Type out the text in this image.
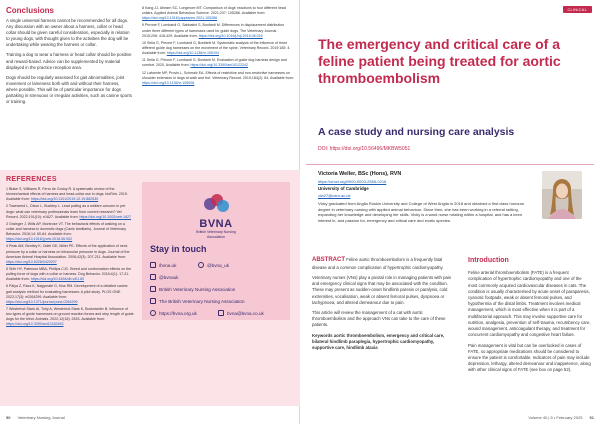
Conclusions

A single universal harness cannot be recommended for all dogs. Any discussion with an owner about a harness, collar or head collar should be given careful consideration, especially in relation to young dogs, with thought given to the activities the dog will be undertaking while wearing the harness or collar.

Training a dog to wear a harness or head collar should be positive and reward-based. Advice can be supplemented by material displayed in the practice reception area.

Dogs should be regularly assessed for gait abnormalities, joint movement or lameness both with and without their harness, where possible. This will be of particular importance for dogs partaking in strenuous or irregular activities, such as canine sports or training.

8 Kang JJ, Ahearn SC, Longmore MT. Comparison of dogs' reactions to four different head collars. Applied Animal Behaviour Science. 2021;237: 105286. Available from: https://doi.org/10.1016/j.applanim.2021.105286
9 Pirrone F, Lombardi G, Sabbatini S, Bonfanti M. Differences in displacement distribution under three different types of harnesses used for guide dogs. The Veterinary Journal. 2015;206: 418-429. Available from: https://doi.org/10.1016/j.tvjl.2015.08.016
10 Sella G, Pirrone F, Lombardi G, Bonfanti M. Systematic analysis of the influence of three different guide dog harnesses on the movement of the spine. Veterinary Record. 2019;185: 4. Available from: https://doi.org/10.1136/vr.105194
11 Sella G, Pirrone F, Lombardi G, Bonfanti M. Evaluation of guide dog harness design and comfort. 2020. Available from: https://doi.org/10.3390/ani10122242
12 Lafuente MP, Provis L, Schmalz EA. Effects of restrictive and non-restrictive harnesses on shoulder extension in dogs at walk and trot. Veterinary Record. 2019;184(2): 64. Available from: https://doi.org/10.1136/vr.105008
REFERENCES
1 Blake S, Williams R, Ferro de Godoy R. A systematic review of the biomechanical effects of harness and head-collar use in dogs. bioRxiv. 2019. Available from: https://doi.org/10.1101/2019.12.19.882530
2 Townsend L, Dixon L, Buckley L. Lead pulling as a welfare concern in pet dogs: what can veterinary professionals learn from current research? Vet Record. 2022;191(10): e1627. Available from: https://doi.org/10.1002/vetr.1627
3 Grainger J, Wills AP, Montrose VT. The behavioral effects of walking on a collar and harness in domestic dogs (Canis familiaris). Journal of Veterinary Behavior. 2016;14: 60-64. Available from: https://doi.org/10.1016/j.jveb.2016.06.002
4 Peak AM, Bentley K, Odell GE, Miller PE. Effects of the application of neck pressure by a collar or harness on intraocular pressure in dogs. Journal of the American Animal Hospital Association. 2006;42(3): 207-211. Available from: https://doi.org/10.5326/0420207
5 Shih HY, Paterson MBA, Phillips CJC. Breed and conformation effects on the pulling force of dogs with a collar or harness. Dog Behavior. 2018;4(1): 17-31. Available from: https://doi.org/10.4454/db.v4i1.80
6 Pálya Z, Rácz K, Nagymáté G, Kiss RM. Development of a detailed canine gait analysis method for evaluating harnesses: A pilot study. PLOS ONE. 2022;17(3): e0264299. Available from: https://doi.org/10.1371/journal.pone.0264299
7 Westerhof-Stark AI, Tohy A, Westerhof-Stark K, Bockstahler B. Influence of two types of guide harnesses on ground reaction forces and step length of guide dogs for the blind. Animals. 2022;12(18): 2453. Available from: https://doi.org/10.3390/ani12182453
BVNA
British Veterinary Nursing Association
Stay in touch
/bvna.uk	@bvna_uk
@bvnauk
British Veterinary Nursing Association
The British Veterinary Nursing Association
https://bvna.org.uk	bvna@bvna.co.uk
50 Veterinary Nursing Journal
CLINICAL
The emergency and critical care of a feline patient being treated for aortic thromboembolism
A case study and nursing care analysis
DOI: https://doi.org/10.56496/MKBW5051
Victoria Weller, BSc (Hons), RVN
https://orcid.org/0000-0003-2565-0218
University of Cambridge
vlw27@cam.ac.uk
Vicky graduated from Anglia Ruskin University and College of West Anglia in 2018 and obtained a first class honours degree in veterinary nursing with applied animal behaviour. Since then, she has been working in a referral setting, expanding her knowledge and developing her skills. Vicky is a ward nurse rotating within a hospital, and has a keen interest in, and passion for, emergency and critical care and exotic species.

ABSTRACT Feline aortic thromboembolism is a frequently fatal disease and a common complication of hypertrophic cardiomyopathy.

Veterinary nurses (VNs) play a pivotal role in managing patients with pain and emergency clinical signs that may be associated with the condition. These may present as sudden-onset hindlimb paresis or paralysis, cold extremities, vocalisation, weak or absent femoral pulses, dyspnoea or tachypnoea, and altered demeanour due to pain.

This article will review the management of a cat with aortic thromboembolism and the approach VNs can take to the care of these patients.

Keywords aortic thromboembolism, emergency and critical care, bilateral hindlimb paraplegia, hypertrophic cardiomyopathy, supportive care, hindlimb ataxia

Introduction

Feline arterial thromboembolism (FATE) is a frequent complication of hypertrophic cardiomyopathy and one of the most commonly acquired cardiovascular diseases in cats. The condition is usually characterised by acute onset of paraparesis, cyanotic footpads, weak or absent femoral pulses, and hypothermia of the distal limbs. Treatment involves medical management, which is most effective when it is part of a multifactorial approach. This may involve supportive care for nutrition, analgesia, prevention of self-trauma, recumbency care, wound management, anticoagulant therapy, and treatment for concurrent cardiomyopathy and congestive heart failure.

Pain management is vital but can be overlooked in cases of FATE, so appropriate medications should be considered to ensure the patient is comfortable. Indicators of pain may include depression, lethargy, altered demeanour and inappetence, along with other clinical signs of FATE (see box on page 52).

Volume 40 | 5 • February 2025 51
